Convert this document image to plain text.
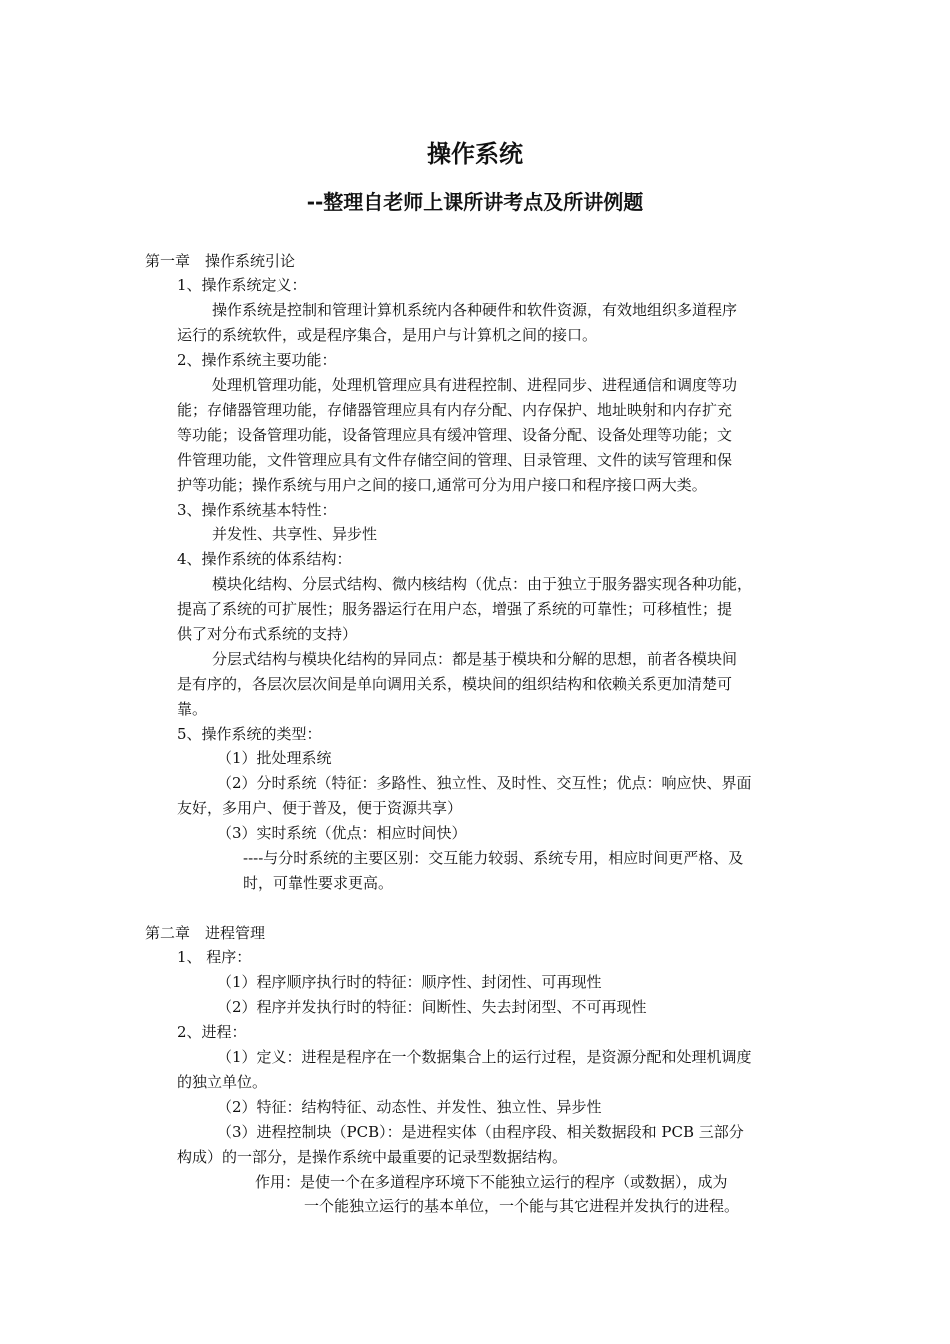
操作系统
--整理自老师上课所讲考点及所讲例题
第一章　操作系统引论
1、操作系统定义：
操作系统是控制和管理计算机系统内各种硬件和软件资源，有效地组织多道程序
运行的系统软件，或是程序集合，是用户与计算机之间的接口。
2、操作系统主要功能：
处理机管理功能，处理机管理应具有进程控制、进程同步、进程通信和调度等功
能；存储器管理功能，存储器管理应具有内存分配、内存保护、地址映射和内存扩充
等功能；设备管理功能，设备管理应具有缓冲管理、设备分配、设备处理等功能；文
件管理功能，文件管理应具有文件存储空间的管理、目录管理、文件的读写管理和保
护等功能；操作系统与用户之间的接口,通常可分为用户接口和程序接口两大类。
3、操作系统基本特性：
并发性、共享性、异步性
4、操作系统的体系结构：
模块化结构、分层式结构、微内核结构（优点：由于独立于服务器实现各种功能，
提高了系统的可扩展性；服务器运行在用户态，增强了系统的可靠性；可移植性；提
供了对分布式系统的支持）
分层式结构与模块化结构的异同点：都是基于模块和分解的思想，前者各模块间
是有序的，各层次层次间是单向调用关系，模块间的组织结构和依赖关系更加清楚可
靠。
5、操作系统的类型：
（1）批处理系统
（2）分时系统（特征：多路性、独立性、及时性、交互性；优点：响应快、界面
友好，多用户、便于普及，便于资源共享）
（3）实时系统（优点：相应时间快）
----与分时系统的主要区别：交互能力较弱、系统专用，相应时间更严格、及
时，可靠性要求更高。
第二章　进程管理
1、 程序：
（1）程序顺序执行时的特征：顺序性、封闭性、可再现性
（2）程序并发执行时的特征：间断性、失去封闭型、不可再现性
2、进程：
（1）定义：进程是程序在一个数据集合上的运行过程，是资源分配和处理机调度
的独立单位。
（2）特征：结构特征、动态性、并发性、独立性、异步性
（3）进程控制块（PCB）：是进程实体（由程序段、相关数据段和 PCB 三部分
构成）的一部分，是操作系统中最重要的记录型数据结构。
作用：是使一个在多道程序环境下不能独立运行的程序（或数据），成为
一个能独立运行的基本单位，一个能与其它进程并发执行的进程。
